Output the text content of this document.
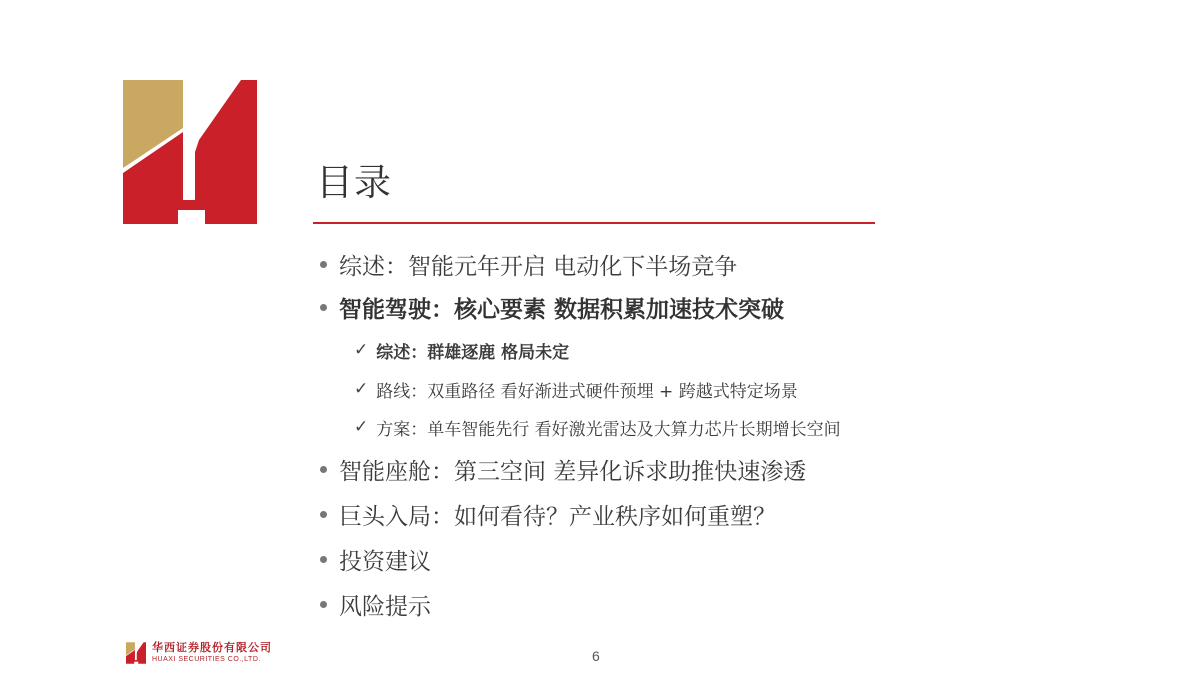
目录
综述：智能元年开启 电动化下半场竞争
智能驾驶：核心要素 数据积累加速技术突破
✓ 综述：群雄逐鹿 格局未定
✓ 路线：双重路径 看好渐进式硬件预埋 + 跨越式特定场景
✓ 方案：单车智能先行 看好激光雷达及大算力芯片长期增长空间
智能座舱：第三空间 差异化诉求助推快速渗透
巨头入局：如何看待？产业秩序如何重塑？
投资建议
风险提示
华西证券股份有限公司
HUAXI SECURITIES CO.,LTD.	6
